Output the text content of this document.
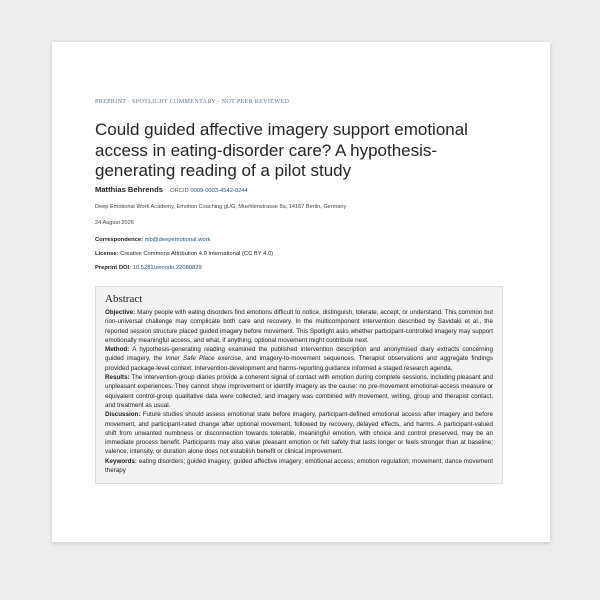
PREPRINT · SPOTLIGHT COMMENTARY · NOT PEER REVIEWED
Could guided affective imagery support emotional access in eating-disorder care? A hypothesis-generating reading of a pilot study
Matthias Behrends ORCID 0009-0003-4542-0244
Deep Emotional Work Academy, Emotion Coaching gUG, Muehlenstrasse 8a, 14167 Berlin, Germany
24 August 2026
Correspondence: mb@deepemotional.work
License: Creative Commons Attribution 4.0 International (CC BY 4.0)
Preprint DOI: 10.5281/zenodo.22080829
Abstract

Objective: Many people with eating disorders find emotions difficult to notice, distinguish, tolerate, accept, or understand. This common but non-universal challenge may complicate both care and recovery. In the multicomponent intervention described by Savidaki et al., the reported session structure placed guided imagery before movement. This Spotlight asks whether participant-controlled imagery may support emotionally meaningful access, and what, if anything, optional movement might contribute next.

Method: A hypothesis-generating reading examined the published intervention description and anonymised diary extracts concerning guided imagery, the Inner Safe Place exercise, and imagery-to-movement sequences. Therapist observations and aggregate findings provided package-level context. Intervention-development and harms-reporting guidance informed a staged research agenda.

Results: The intervention-group diaries provide a coherent signal of contact with emotion during complete sessions, including pleasant and unpleasant experiences. They cannot show improvement or identify imagery as the cause: no pre-movement emotional-access measure or equivalent control-group qualitative data were collected, and imagery was combined with movement, writing, group and therapist contact, and treatment as usual.

Discussion: Future studies should assess emotional state before imagery, participant-defined emotional access after imagery and before movement, and participant-rated change after optional movement, followed by recovery, delayed effects, and harms. A participant-valued shift from unwanted numbness or disconnection towards tolerable, meaningful emotion, with choice and control preserved, may be an immediate process benefit. Participants may also value pleasant emotion or felt safety that lasts longer or feels stronger than at baseline; valence, intensity, or duration alone does not establish benefit or clinical improvement.

Keywords: eating disorders; guided imagery; guided affective imagery; emotional access; emotion regulation; movement; dance movement therapy
